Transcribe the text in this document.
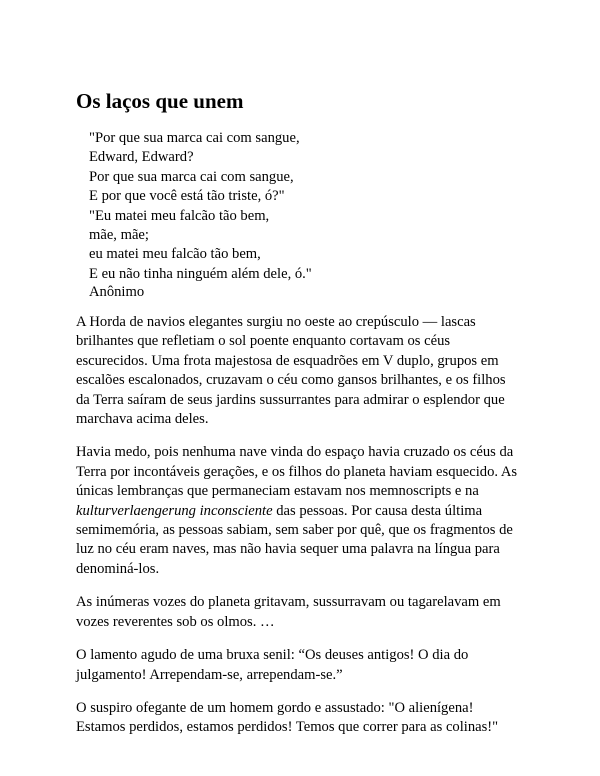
Os laços que unem
"Por que sua marca cai com sangue,
Edward, Edward?
Por que sua marca cai com sangue,
E por que você está tão triste, ó?"
"Eu matei meu falcão tão bem,
mãe, mãe;
eu matei meu falcão tão bem,
E eu não tinha ninguém além dele, ó."

Anônimo

A Horda de navios elegantes surgiu no oeste ao crepúsculo — lascas
brilhantes que refletiam o sol poente enquanto cortavam os céus
escurecidos. Uma frota majestosa de esquadrões em V duplo, grupos em
escalões escalonados, cruzavam o céu como gansos brilhantes, e os filhos
da Terra saíram de seus jardins sussurrantes para admirar o esplendor que
marchava acima deles.

Havia medo, pois nenhuma nave vinda do espaço havia cruzado os céus da
Terra por incontáveis gerações, e os filhos do planeta haviam esquecido. As
únicas lembranças que permaneciam estavam nos memnoscripts e na
kulturverlaengerung inconsciente das pessoas. Por causa desta última
semimemória, as pessoas sabiam, sem saber por quê, que os fragmentos de
luz no céu eram naves, mas não havia sequer uma palavra na língua para
denominá-los.

As inúmeras vozes do planeta gritavam, sussurravam ou tagarelavam em
vozes reverentes sob os olmos. …

O lamento agudo de uma bruxa senil: “Os deuses antigos! O dia do
julgamento! Arrependam-se, arrependam-se.”

O suspiro ofegante de um homem gordo e assustado: "O alienígena!
Estamos perdidos, estamos perdidos! Temos que correr para as colinas!"
